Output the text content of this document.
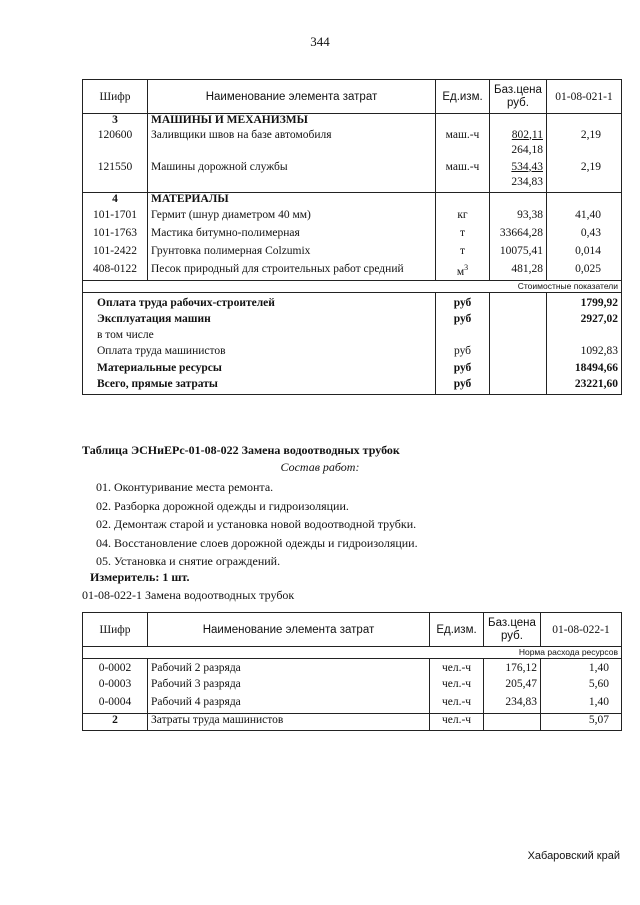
344
Шифр	Наименование элемента затрат	Ед.изм.	Баз.цена руб.	01-08-021-1
3	МАШИНЫ И МЕХАНИЗМЫ			
120600	Заливщики швов на базе автомобиля	маш.-ч	802,11	2,19
			264,18	
121550	Машины дорожной службы	маш.-ч	534,43	2,19
			234,83	
4	МАТЕРИАЛЫ			
101-1701	Гермит (шнур диаметром 40 мм)	кг	93,38	41,40
101-1763	Мастика битумно-полимерная	т	33664,28	0,43
101-2422	Грунтовка полимерная Colzumix	т	10075,41	0,014
408-0122	Песок природный для строительных работ средний	$м^3$	481,28	0,025
Стоимостные показатели				
Оплата труда рабочих-строителей		руб		1799,92
Эксплуатация машин		руб		2927,02
в том числе				
Оплата труда машинистов		руб		1092,83
Материальные ресурсы		руб		18494,66
Всего, прямые затраты		руб		23221,60
Таблица ЭСНиЕРс-01-08-022 Замена водоотводных трубок
Состав работ:
01. Оконтуривание места ремонта.
02. Разборка дорожной одежды и гидроизоляции.
02. Демонтаж старой и установка новой водоотводной трубки.
04. Восстановление слоев дорожной одежды и гидроизоляции.
05. Установка и снятие ограждений.
Измеритель: 1 шт.
01-08-022-1 Замена водоотводных трубок
Шифр	Наименование элемента затрат	Ед.изм.	Баз.цена руб.	01-08-022-1
Норма расхода ресурсов				
0-0002	Рабочий 2 разряда	чел.-ч	176,12	1,40
0-0003	Рабочий 3 разряда	чел.-ч	205,47	5,60
0-0004	Рабочий 4 разряда	чел.-ч	234,83	1,40
2	Затраты труда машинистов	чел.-ч		5,07
Хабаровский край
